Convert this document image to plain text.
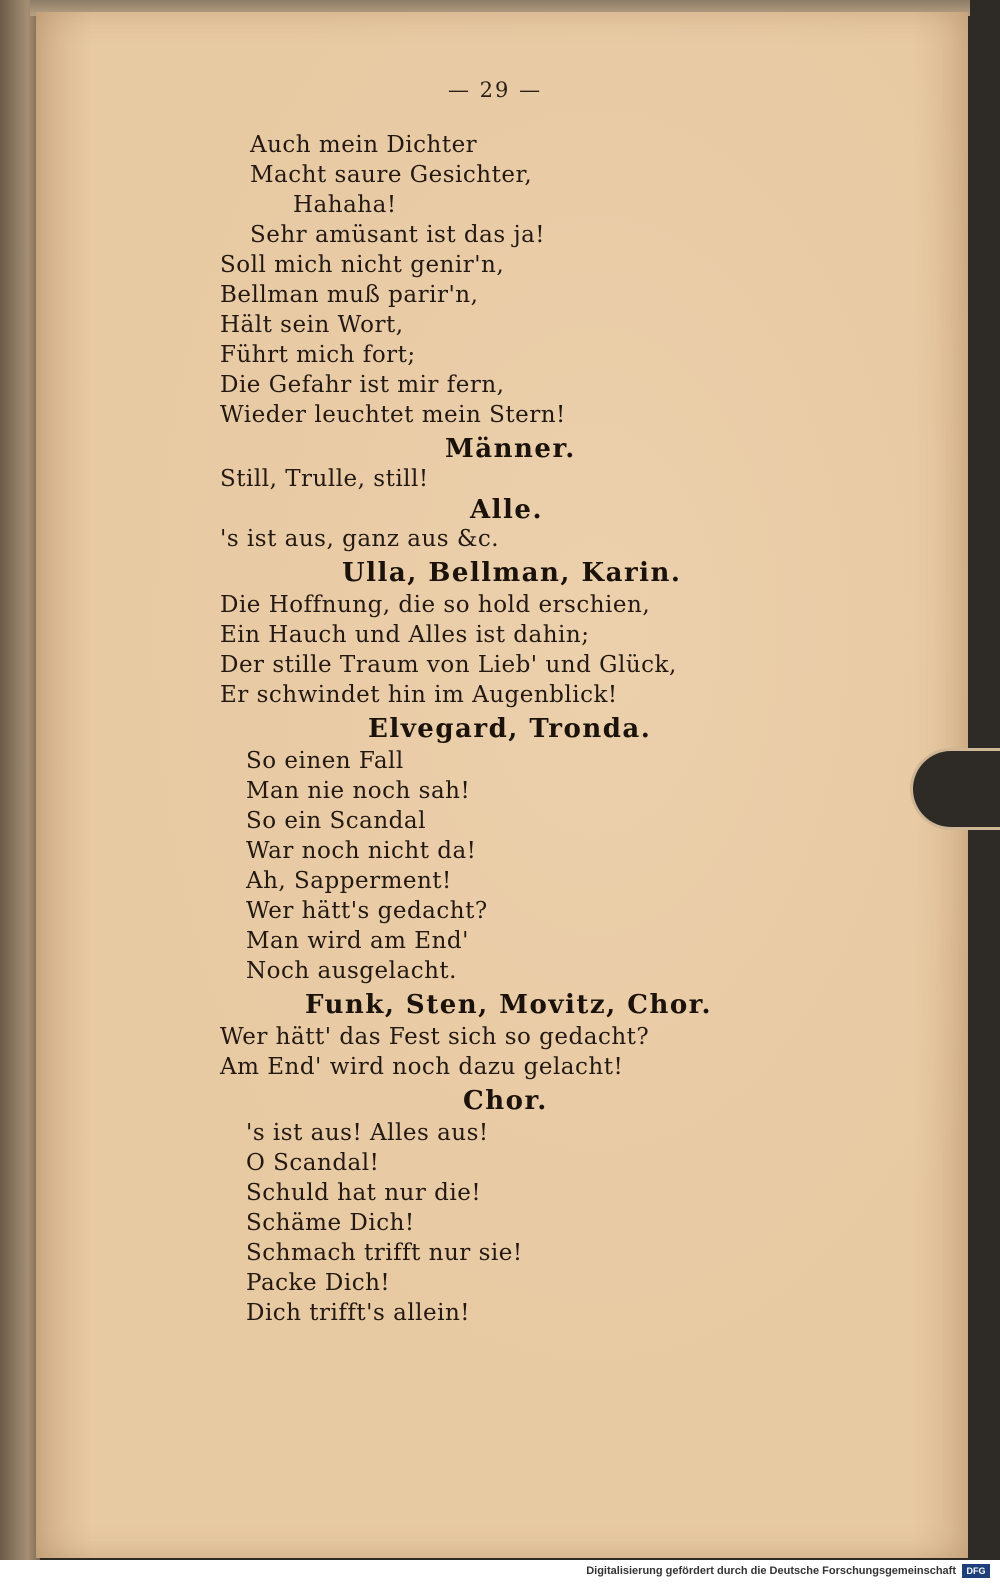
— 29 —
Auch mein Dichter
Macht saure Gesichter,
Hahaha!
Sehr amüsant ist das ja!
Soll mich nicht genir'n,
Bellman muß parir'n,
Hält sein Wort,
Führt mich fort;
Die Gefahr ist mir fern,
Wieder leuchtet mein Stern!
Männer.
Still, Trulle, still!
Alle.
's ist aus, ganz aus &c.
Ulla, Bellman, Karin.
Die Hoffnung, die so hold erschien,
Ein Hauch und Alles ist dahin;
Der stille Traum von Lieb' und Glück,
Er schwindet hin im Augenblick!
Elvegard, Tronda.
So einen Fall
Man nie noch sah!
So ein Scandal
War noch nicht da!
Ah, Sapperment!
Wer hätt's gedacht?
Man wird am End'
Noch ausgelacht.
Funk, Sten, Movitz, Chor.
Wer hätt' das Fest sich so gedacht?
Am End' wird noch dazu gelacht!
Chor.
's ist aus! Alles aus!
O Scandal!
Schuld hat nur die!
Schäme Dich!
Schmach trifft nur sie!
Packe Dich!
Dich trifft's allein!
Digitalisierung gefördert durch die Deutsche Forschungsgemeinschaft	DFG
